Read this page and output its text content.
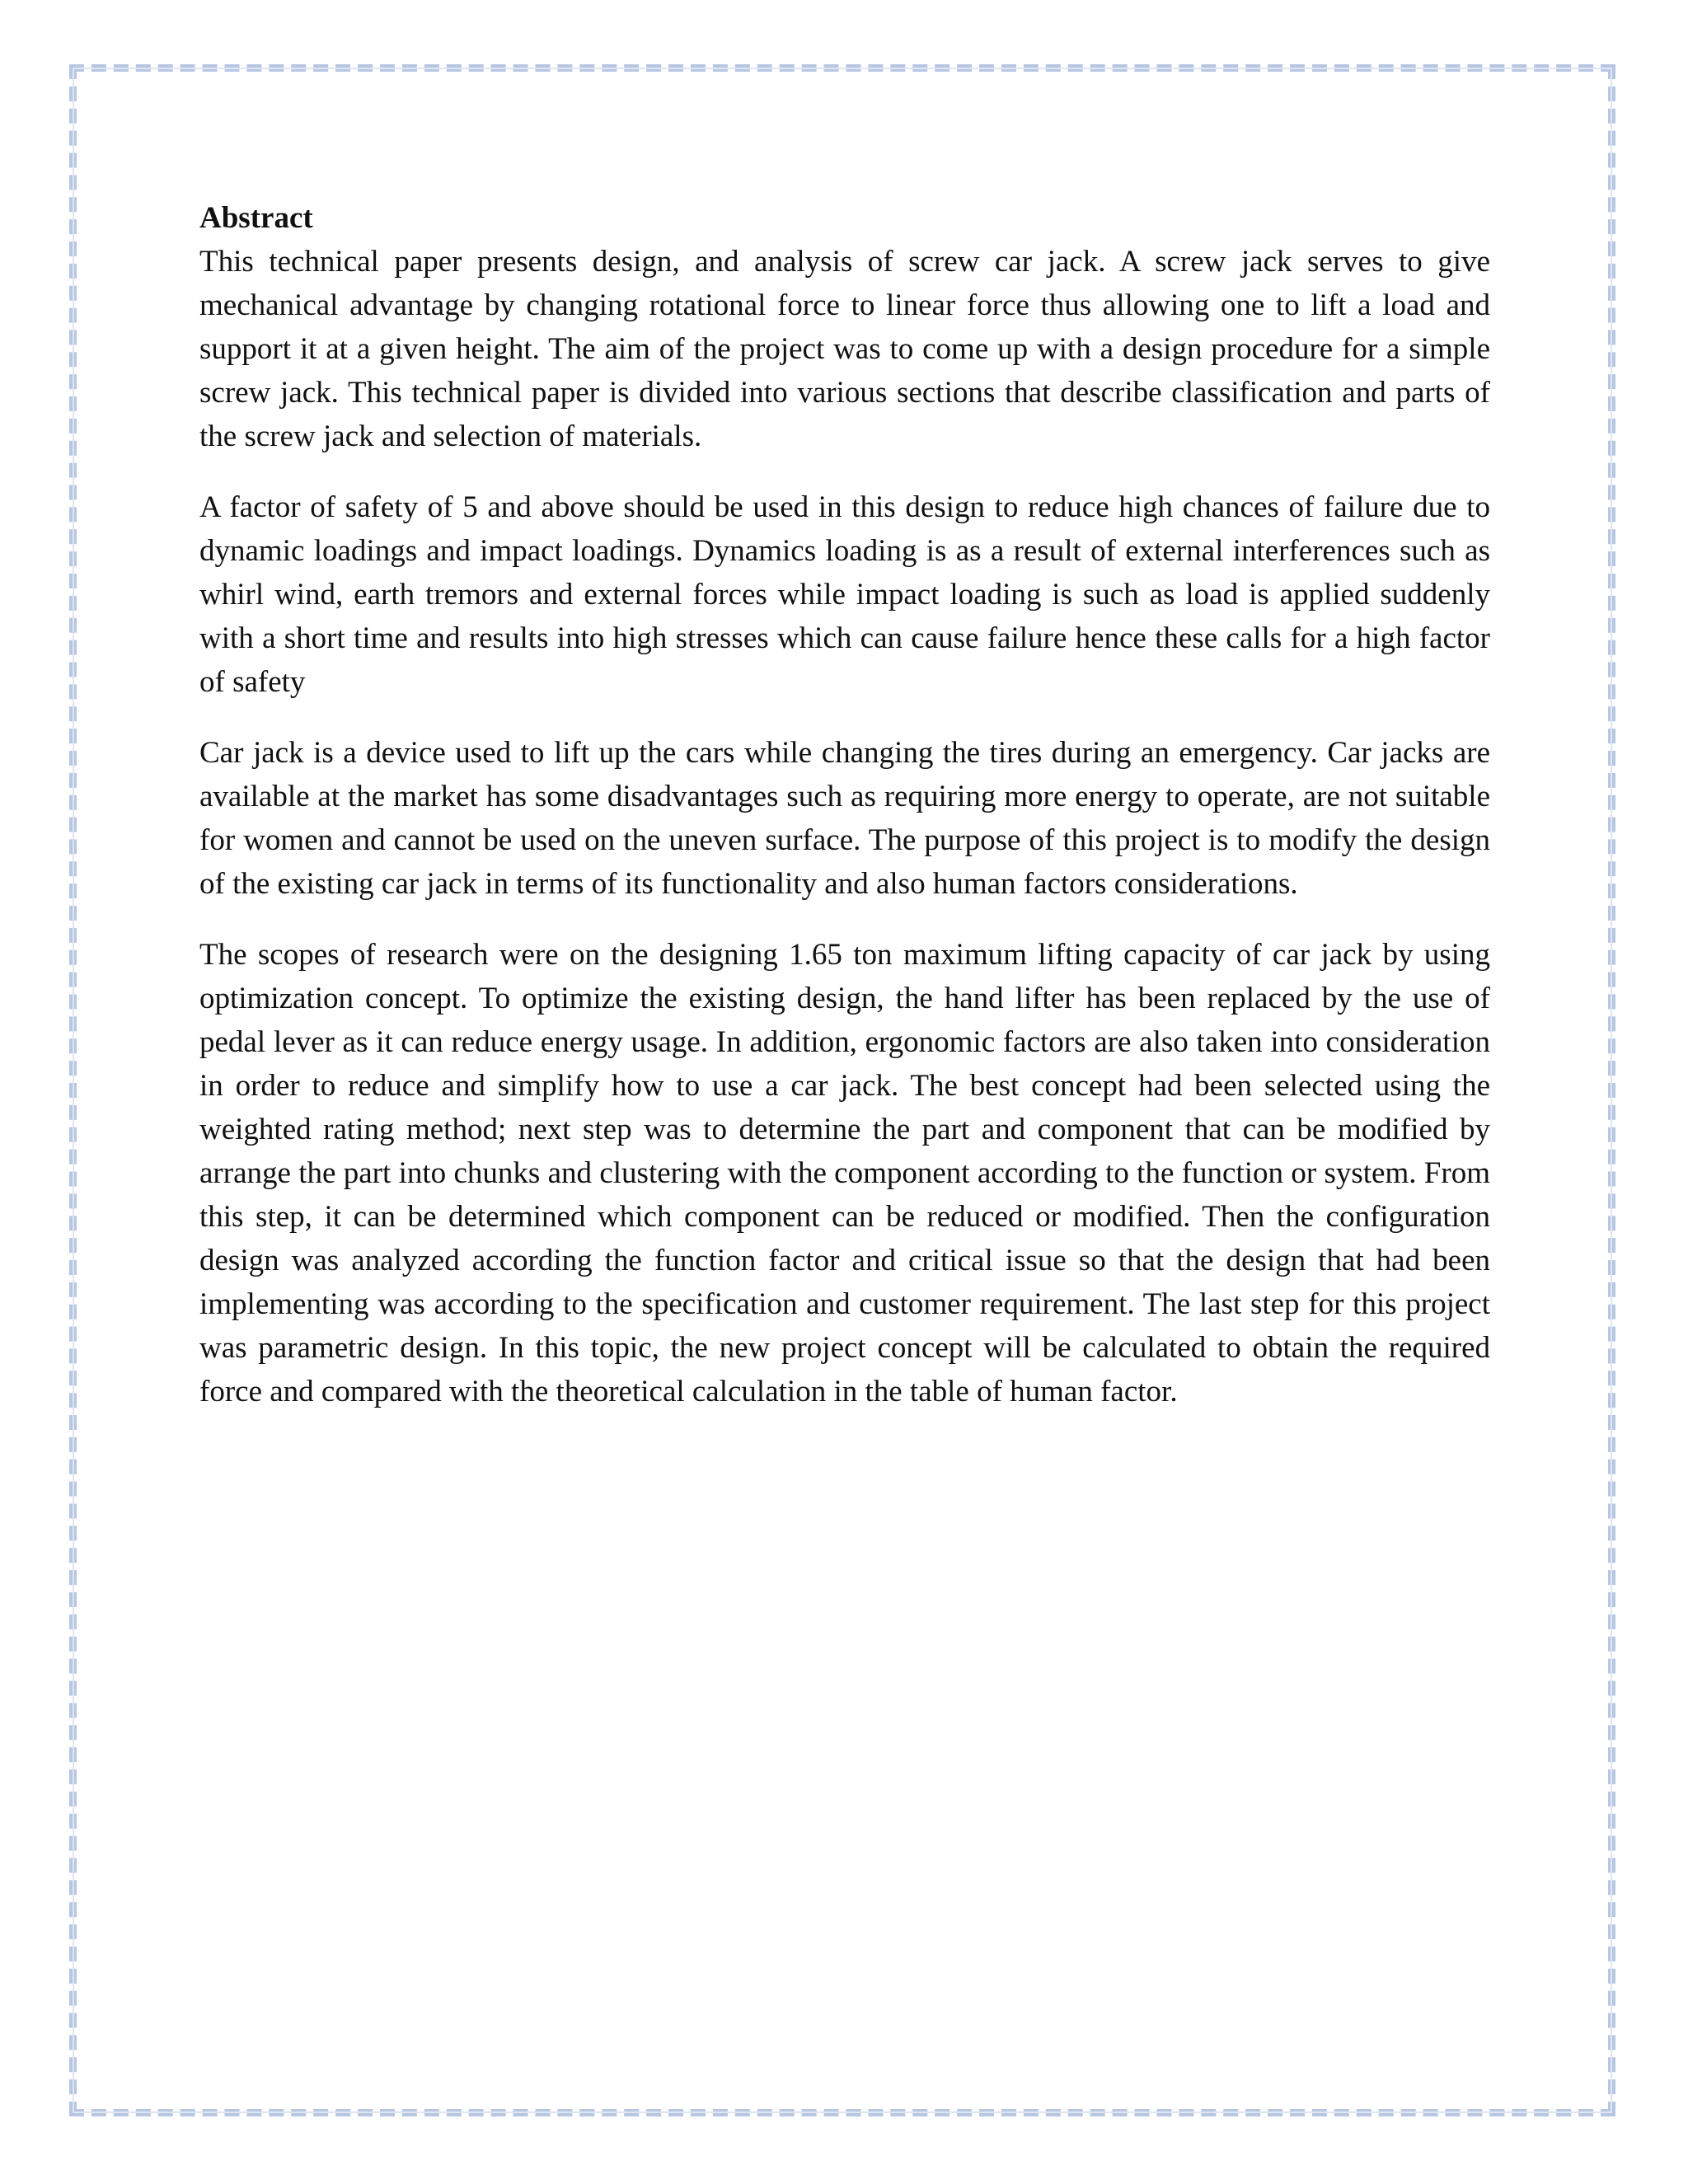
Abstract

This technical paper presents design, and analysis of screw car jack. A screw jack serves to give mechanical advantage by changing rotational force to linear force thus allowing one to lift a load and support it at a given height. The aim of the project was to come up with a design procedure for a simple screw jack. This technical paper is divided into various sections that describe classification and parts of the screw jack and selection of materials.

A factor of safety of 5 and above should be used in this design to reduce high chances of failure due to dynamic loadings and impact loadings. Dynamics loading is as a result of external interferences such as whirl wind, earth tremors and external forces while impact loading is such as load is applied suddenly with a short time and results into high stresses which can cause failure hence these calls for a high factor of safety

Car jack is a device used to lift up the cars while changing the tires during an emergency. Car jacks are available at the market has some disadvantages such as requiring more energy to operate, are not suitable for women and cannot be used on the uneven surface. The purpose of this project is to modify the design of the existing car jack in terms of its functionality and also human factors considerations.

The scopes of research were on the designing 1.65 ton maximum lifting capacity of car jack by using optimization concept. To optimize the existing design, the hand lifter has been replaced by the use of pedal lever as it can reduce energy usage. In addition, ergonomic factors are also taken into consideration in order to reduce and simplify how to use a car jack. The best concept had been selected using the weighted rating method; next step was to determine the part and component that can be modified by arrange the part into chunks and clustering with the component according to the function or system. From this step, it can be determined which component can be reduced or modified. Then the configuration design was analyzed according the function factor and critical issue so that the design that had been implementing was according to the specification and customer requirement. The last step for this project was parametric design. In this topic, the new project concept will be calculated to obtain the required force and compared with the theoretical calculation in the table of human factor.
